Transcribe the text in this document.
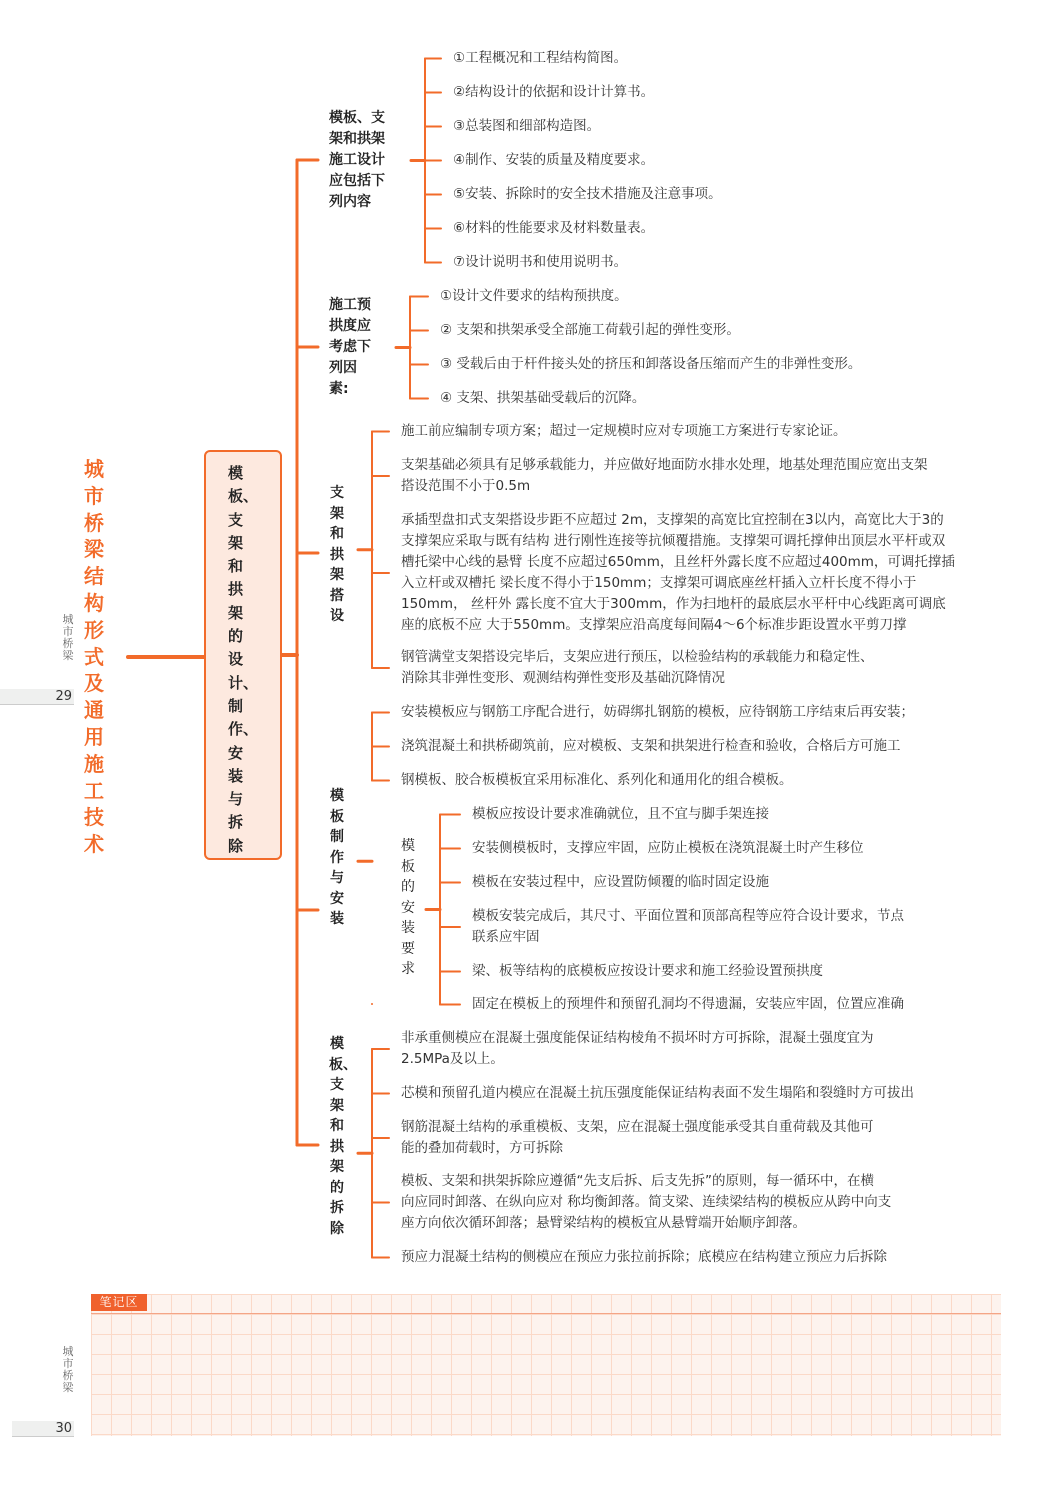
城市桥梁结构形式及通用施工技术
模板、支架和拱架的设计、制作、安装与拆除
城市桥梁
29
城市桥梁
30
模板、支
架和拱架
施工设计
应包括下
列内容
施工预
拱度应
考虑下
列因
素:
支架和拱架搭设
模板制作与安装
模板的安装要求
模板、支架和拱架的拆除
①工程概况和工程结构简图。
②结构设计的依据和设计计算书。
③总装图和细部构造图。
④制作、安装的质量及精度要求。
⑤安装、拆除时的安全技术措施及注意事项。
⑥材料的性能要求及材料数量表。
⑦设计说明书和使用说明书。
①设计文件要求的结构预拱度。
② 支架和拱架承受全部施工荷载引起的弹性变形。
③ 受载后由于杆件接头处的挤压和卸落设备压缩而产生的非弹性变形。
④ 支架、拱架基础受载后的沉降。
施工前应编制专项方案；超过一定规模时应对专项施工方案进行专家论证。
支架基础必须具有足够承载能力，并应做好地面防水排水处理，地基处理范围应宽出支架
搭设范围不小于0.5m
承插型盘扣式支架搭设步距不应超过 2m，支撑架的高宽比宜控制在3以内，高宽比大于3的
支撑架应采取与既有结构 进行刚性连接等抗倾覆措施。支撑架可调托撑伸出顶层水平杆或双
槽托梁中心线的悬臂 长度不应超过650mm，且丝杆外露长度不应超过400mm，可调托撑插
入立杆或双槽托 梁长度不得小于150mm；支撑架可调底座丝杆插入立杆长度不得小于
150mm， 丝杆外 露长度不宜大于300mm，作为扫地杆的最底层水平杆中心线距离可调底
座的底板不应 大于550mm。支撑架应沿高度每间隔4～6个标准步距设置水平剪刀撑
钢管满堂支架搭设完毕后，支架应进行预压，以检验结构的承载能力和稳定性、
消除其非弹性变形、观测结构弹性变形及基础沉降情况
安装模板应与钢筋工序配合进行，妨碍绑扎钢筋的模板，应待钢筋工序结束后再安装；
浇筑混凝土和拱桥砌筑前，应对模板、支架和拱架进行检查和验收，合格后方可施工
钢模板、胶合板模板宜采用标准化、系列化和通用化的组合模板。
非承重侧模应在混凝土强度能保证结构棱角不损坏时方可拆除，混凝土强度宜为
2.5MPa及以上。
芯模和预留孔道内模应在混凝土抗压强度能保证结构表面不发生塌陷和裂缝时方可拔出
钢筋混凝土结构的承重模板、支架，应在混凝土强度能承受其自重荷载及其他可
能的叠加荷载时，方可拆除
模板、支架和拱架拆除应遵循“先支后拆、后支先拆”的原则，每一循环中，在横
向应同时卸落、在纵向应对 称均衡卸落。简支梁、连续梁结构的模板应从跨中向支
座方向依次循环卸落；悬臂梁结构的模板宜从悬臂端开始顺序卸落。
预应力混凝土结构的侧模应在预应力张拉前拆除；底模应在结构建立预应力后拆除
模板应按设计要求准确就位，且不宜与脚手架连接
安装侧模板时，支撑应牢固，应防止模板在浇筑混凝土时产生移位
模板在安装过程中，应设置防倾覆的临时固定设施
模板安装完成后，其尺寸、平面位置和顶部高程等应符合设计要求，节点
联系应牢固
梁、板等结构的底模板应按设计要求和施工经验设置预拱度
固定在模板上的预埋件和预留孔洞均不得遗漏，安装应牢固，位置应准确
笔记区
